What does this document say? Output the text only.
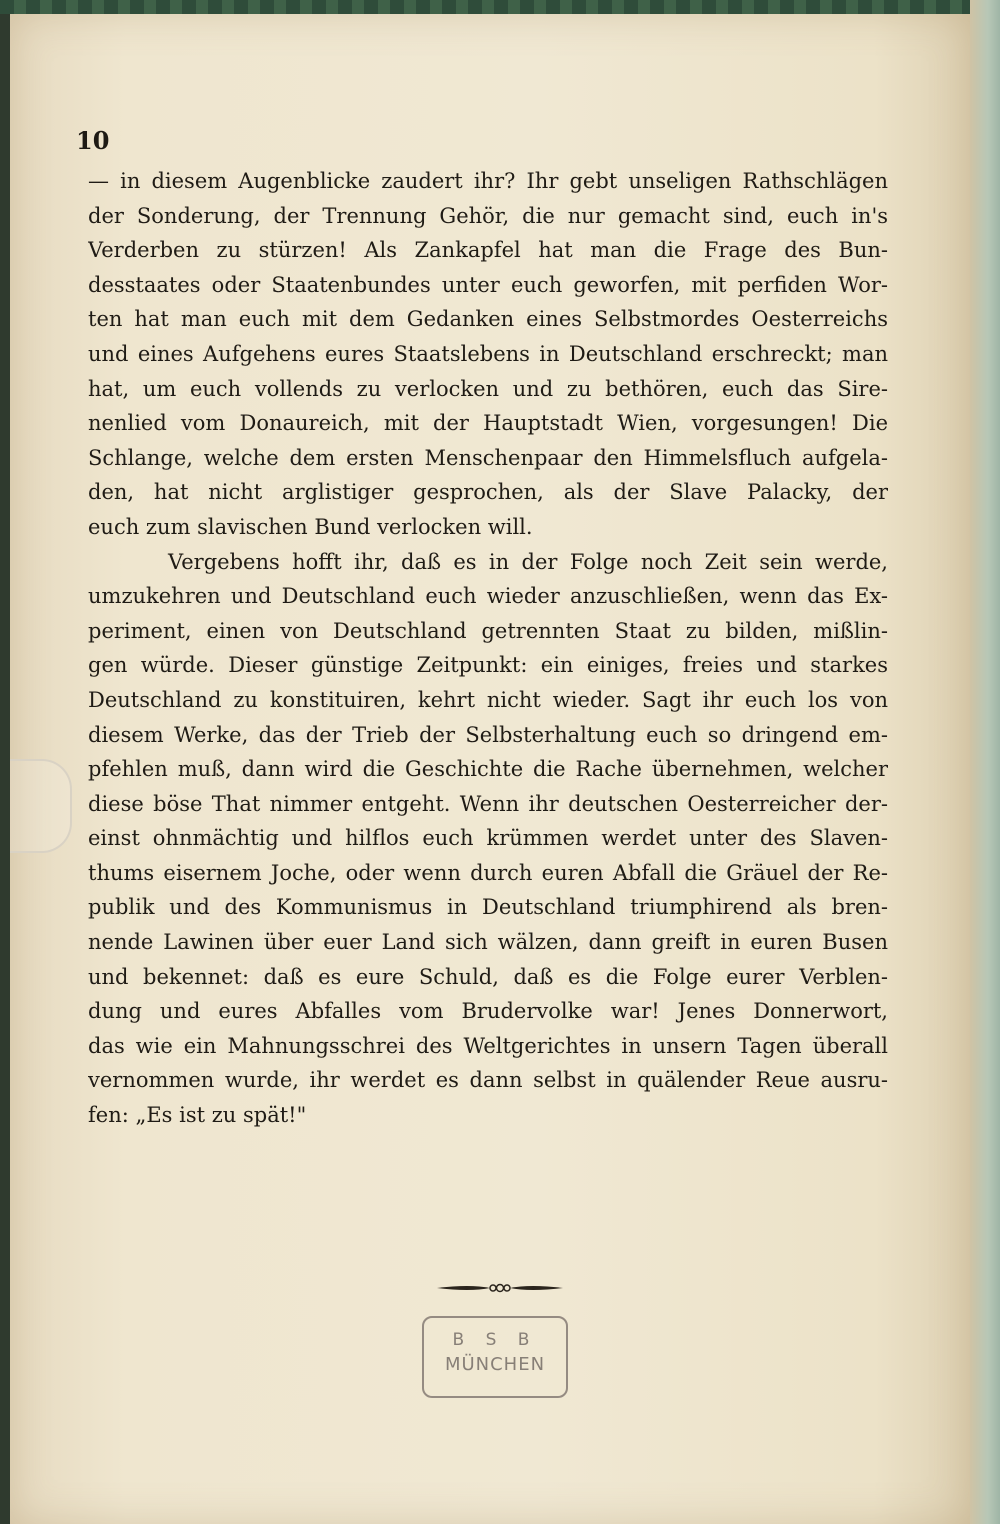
10
— in diesem Augenblicke zaudert ihr? Ihr gebt unseligen Rathschlägen
der Sonderung, der Trennung Gehör, die nur gemacht sind, euch in's
Verderben zu stürzen! Als Zankapfel hat man die Frage des Bun-
desstaates oder Staatenbundes unter euch geworfen, mit perfiden Wor-
ten hat man euch mit dem Gedanken eines Selbstmordes Oesterreichs
und eines Aufgehens eures Staatslebens in Deutschland erschreckt; man
hat, um euch vollends zu verlocken und zu bethören, euch das Sire-
nenlied vom Donaureich, mit der Hauptstadt Wien, vorgesungen! Die
Schlange, welche dem ersten Menschenpaar den Himmelsfluch aufgela-
den, hat nicht arglistiger gesprochen, als der Slave Palacky, der
euch zum slavischen Bund verlocken will.
Vergebens hofft ihr, daß es in der Folge noch Zeit sein werde,
umzukehren und Deutschland euch wieder anzuschließen, wenn das Ex-
periment, einen von Deutschland getrennten Staat zu bilden, mißlin-
gen würde. Dieser günstige Zeitpunkt: ein einiges, freies und starkes
Deutschland zu konstituiren, kehrt nicht wieder. Sagt ihr euch los von
diesem Werke, das der Trieb der Selbsterhaltung euch so dringend em-
pfehlen muß, dann wird die Geschichte die Rache übernehmen, welcher
diese böse That nimmer entgeht. Wenn ihr deutschen Oesterreicher der-
einst ohnmächtig und hilflos euch krümmen werdet unter des Slaven-
thums eisernem Joche, oder wenn durch euren Abfall die Gräuel der Re-
publik und des Kommunismus in Deutschland triumphirend als bren-
nende Lawinen über euer Land sich wälzen, dann greift in euren Busen
und bekennet: daß es eure Schuld, daß es die Folge eurer Verblen-
dung und eures Abfalles vom Brudervolke war! Jenes Donnerwort,
das wie ein Mahnungsschrei des Weltgerichtes in unsern Tagen überall
vernommen wurde, ihr werdet es dann selbst in quälender Reue ausru-
fen: „Es ist zu spät!"
B S B
MÜNCHEN
